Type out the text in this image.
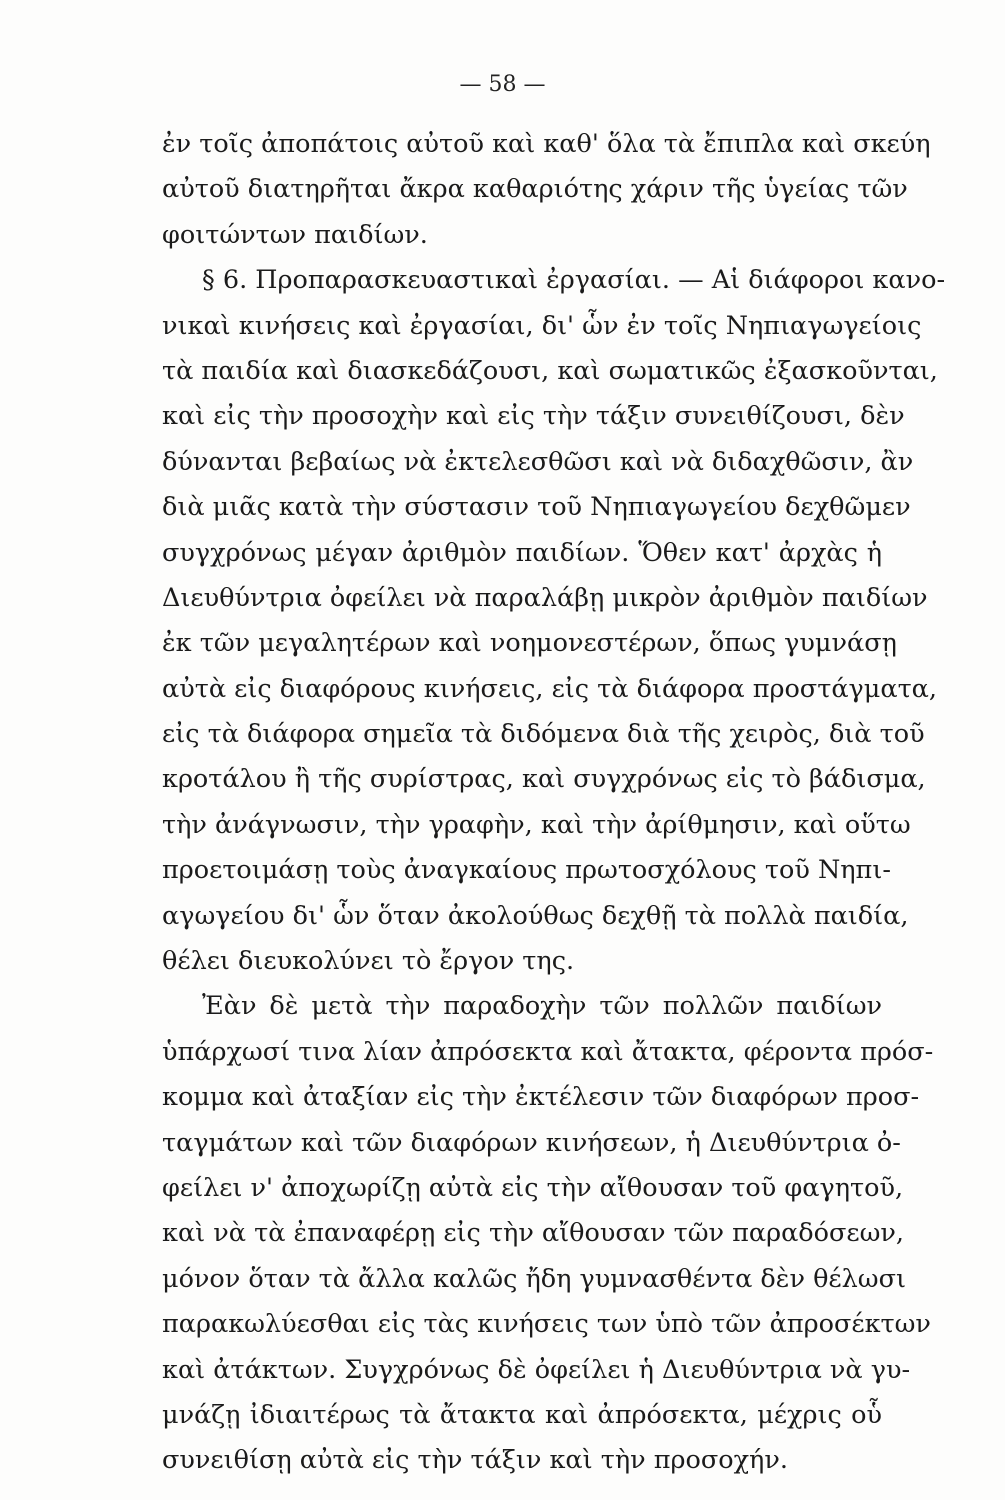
— 58 —
ἐν τοῖς ἀποπάτοις αὐτοῦ καὶ καθ' ὅλα τὰ ἔπιπλα καὶ σκεύη
αὐτοῦ διατηρῆται ἄκρα καθαριότης χάριν τῆς ὑγείας τῶν
φοιτώντων παιδίων.
§ 6. Προπαρασκευαστικαὶ ἐργασίαι. — Αἱ διάφοροι κανο-
νικαὶ κινήσεις καὶ ἐργασίαι, δι' ὧν ἐν τοῖς Νηπιαγωγείοις
τὰ παιδία καὶ διασκεδάζουσι, καὶ σωματικῶς ἐξασκοῦνται,
καὶ εἰς τὴν προσοχὴν καὶ εἰς τὴν τάξιν συνειθίζουσι, δὲν
δύνανται βεβαίως νὰ ἐκτελεσθῶσι καὶ νὰ διδαχθῶσιν, ἂν
διὰ μιᾶς κατὰ τὴν σύστασιν τοῦ Νηπιαγωγείου δεχθῶμεν
συγχρόνως μέγαν ἀριθμὸν παιδίων. Ὅθεν κατ' ἀρχὰς ἡ
Διευθύντρια ὀφείλει νὰ παραλάβῃ μικρὸν ἀριθμὸν παιδίων
ἐκ τῶν μεγαλητέρων καὶ νοημονεστέρων, ὅπως γυμνάσῃ
αὐτὰ εἰς διαφόρους κινήσεις, εἰς τὰ διάφορα προστάγματα,
εἰς τὰ διάφορα σημεῖα τὰ διδόμενα διὰ τῆς χειρὸς, διὰ τοῦ
κροτάλου ἢ τῆς συρίστρας, καὶ συγχρόνως εἰς τὸ βάδισμα,
τὴν ἀνάγνωσιν, τὴν γραφὴν, καὶ τὴν ἀρίθμησιν, καὶ οὕτω
προετοιμάσῃ τοὺς ἀναγκαίους πρωτοσχόλους τοῦ Νηπι-
αγωγείου δι' ὧν ὅταν ἀκολούθως δεχθῇ τὰ πολλὰ παιδία,
θέλει διευκολύνει τὸ ἔργον της.
Ἐὰν δὲ μετὰ τὴν παραδοχὴν τῶν πολλῶν παιδίων
ὑπάρχωσί τινα λίαν ἀπρόσεκτα καὶ ἄτακτα, φέροντα πρόσ-
κομμα καὶ ἀταξίαν εἰς τὴν ἐκτέλεσιν τῶν διαφόρων προσ-
ταγμάτων καὶ τῶν διαφόρων κινήσεων, ἡ Διευθύντρια ὀ-
φείλει ν' ἀποχωρίζῃ αὐτὰ εἰς τὴν αἴθουσαν τοῦ φαγητοῦ,
καὶ νὰ τὰ ἐπαναφέρῃ εἰς τὴν αἴθουσαν τῶν παραδόσεων,
μόνον ὅταν τὰ ἄλλα καλῶς ἤδη γυμνασθέντα δὲν θέλωσι
παρακωλύεσθαι εἰς τὰς κινήσεις των ὑπὸ τῶν ἀπροσέκτων
καὶ ἀτάκτων. Συγχρόνως δὲ ὀφείλει ἡ Διευθύντρια νὰ γυ-
μνάζῃ ἰδιαιτέρως τὰ ἄτακτα καὶ ἀπρόσεκτα, μέχρις οὗ
συνειθίσῃ αὐτὰ εἰς τὴν τάξιν καὶ τὴν προσοχήν.
